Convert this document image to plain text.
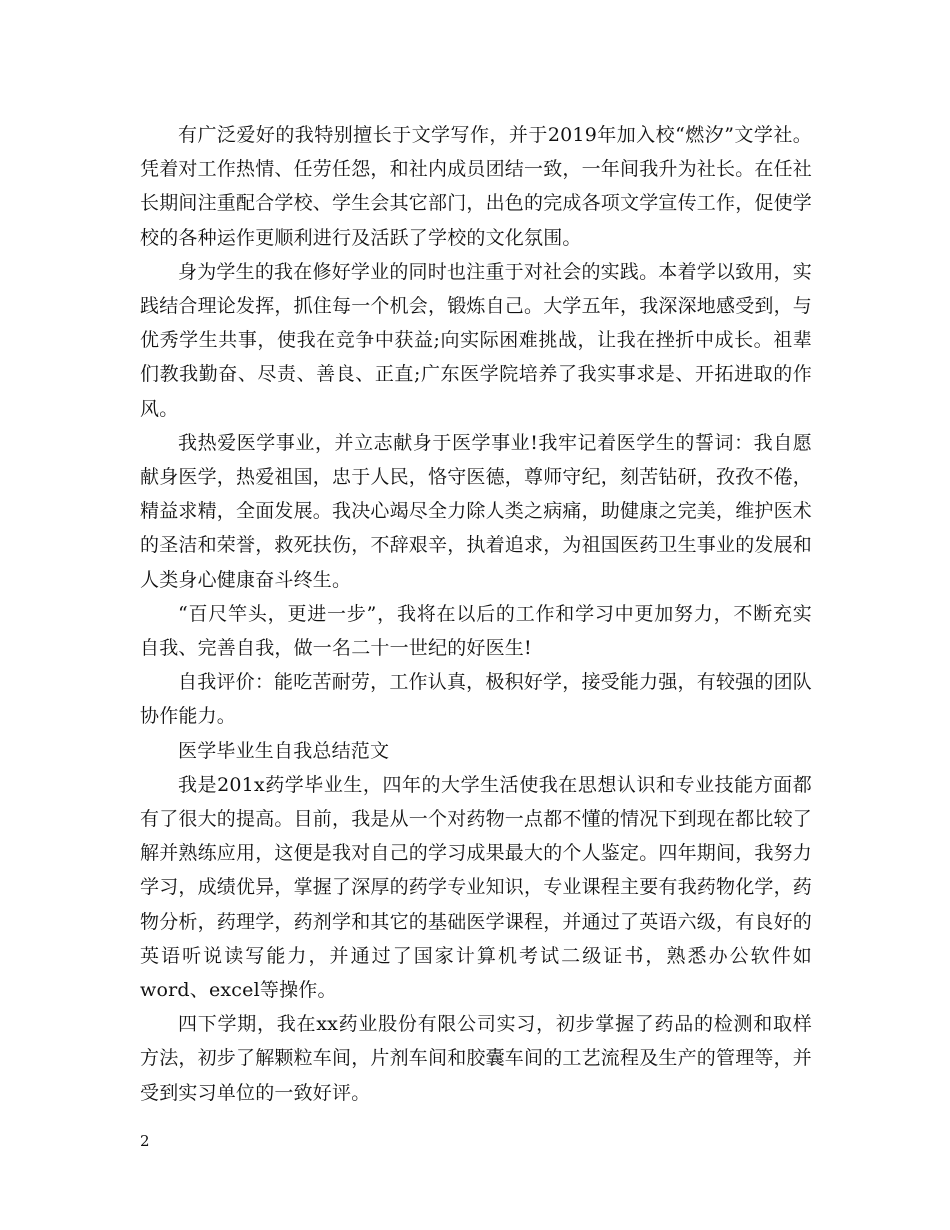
有广泛爱好的我特别擅长于文学写作，并于2019年加入校“燃汐”文学社。凭着对工作热情、任劳任怨，和社内成员团结一致，一年间我升为社长。在任社长期间注重配合学校、学生会其它部门，出色的完成各项文学宣传工作，促使学校的各种运作更顺利进行及活跃了学校的文化氛围。

身为学生的我在修好学业的同时也注重于对社会的实践。本着学以致用，实践结合理论发挥，抓住每一个机会，锻炼自己。大学五年，我深深地感受到，与优秀学生共事，使我在竞争中获益;向实际困难挑战，让我在挫折中成长。祖辈们教我勤奋、尽责、善良、正直;广东医学院培养了我实事求是、开拓进取的作风。

我热爱医学事业，并立志献身于医学事业!我牢记着医学生的誓词：我自愿献身医学，热爱祖国，忠于人民，恪守医德，尊师守纪，刻苦钻研，孜孜不倦，精益求精，全面发展。我决心竭尽全力除人类之病痛，助健康之完美，维护医术的圣洁和荣誉，救死扶伤，不辞艰辛，执着追求，为祖国医药卫生事业的发展和人类身心健康奋斗终生。

“百尺竿头，更进一步”，我将在以后的工作和学习中更加努力，不断充实自我、完善自我，做一名二十一世纪的好医生!

自我评价：能吃苦耐劳，工作认真，极积好学，接受能力强，有较强的团队协作能力。

医学毕业生自我总结范文

我是201x药学毕业生，四年的大学生活使我在思想认识和专业技能方面都有了很大的提高。目前，我是从一个对药物一点都不懂的情况下到现在都比较了解并熟练应用，这便是我对自己的学习成果最大的个人鉴定。四年期间，我努力学习，成绩优异，掌握了深厚的药学专业知识，专业课程主要有我药物化学，药物分析，药理学，药剂学和其它的基础医学课程，并通过了英语六级，有良好的英语听说读写能力，并通过了国家计算机考试二级证书，熟悉办公软件如word、excel等操作。

四下学期，我在xx药业股份有限公司实习，初步掌握了药品的检测和取样方法，初步了解颗粒车间，片剂车间和胶囊车间的工艺流程及生产的管理等，并受到实习单位的一致好评。

2
